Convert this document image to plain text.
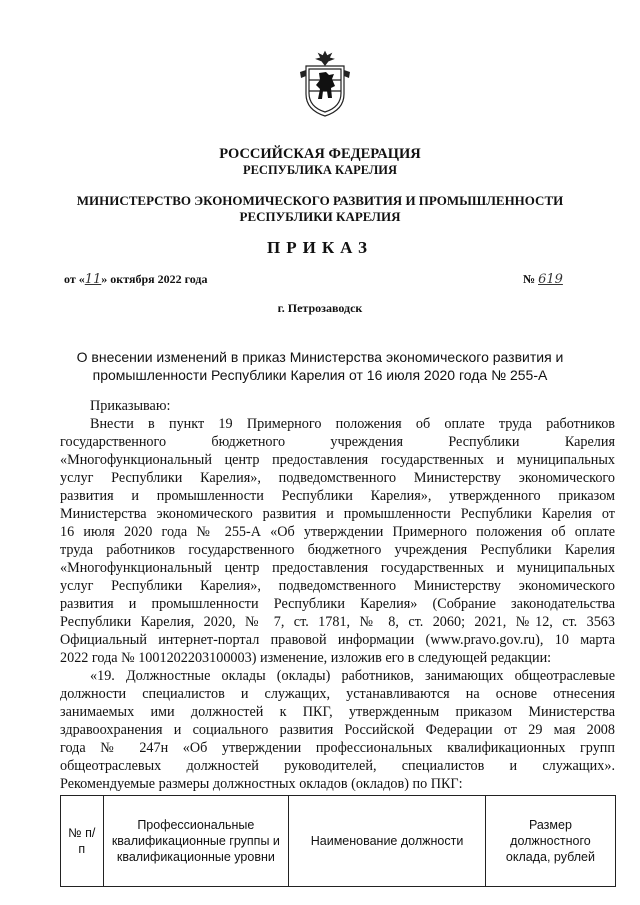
РОССИЙСКАЯ ФЕДЕРАЦИЯ
РЕСПУБЛИКА КАРЕЛИЯ
МИНИСТЕРСТВО ЭКОНОМИЧЕСКОГО РАЗВИТИЯ И ПРОМЫШЛЕННОСТИ
РЕСПУБЛИКИ КАРЕЛИЯ
ПРИКАЗ
от «11» октября 2022 года	№ 619
г. Петрозаводск
О внесении изменений в приказ Министерства экономического развития и
промышленности Республики Карелия от 16 июля 2020 года № 255-А
Приказываю:
Внести в пункт 19 Примерного положения об оплате труда работников
государственного бюджетного учреждения Республики Карелия
«Многофункциональный центр предоставления государственных и муниципальных
услуг Республики Карелия», подведомственного Министерству экономического
развития и промышленности Республики Карелия», утвержденного приказом
Министерства экономического развития и промышленности Республики Карелия от
16 июля 2020 года № 255-А «Об утверждении Примерного положения об оплате
труда работников государственного бюджетного учреждения Республики Карелия
«Многофункциональный центр предоставления государственных и муниципальных
услуг Республики Карелия», подведомственного Министерству экономического
развития и промышленности Республики Карелия» (Собрание законодательства
Республики Карелия, 2020, № 7, ст. 1781, № 8, ст. 2060; 2021, №12, ст. 3563
Официальный интернет-портал правовой информации (www.pravo.gov.ru), 10 марта
2022 года № 1001202203100003) изменение, изложив его в следующей редакции:
«19. Должностные оклады (оклады) работников, занимающих общеотраслевые
должности специалистов и служащих, устанавливаются на основе отнесения
занимаемых ими должностей к ПКГ, утвержденным приказом Министерства
здравоохранения и социального развития Российской Федерации от 29 мая 2008
года № 247н «Об утверждении профессиональных квалификационных групп
общеотраслевых должностей руководителей, специалистов и служащих».
Рекомендуемые размеры должностных окладов (окладов) по ПКГ:
№ п/п	Профессиональные квалификационные группы и квалификационные уровни	Наименование должности	Размер должностного оклада, рублей
